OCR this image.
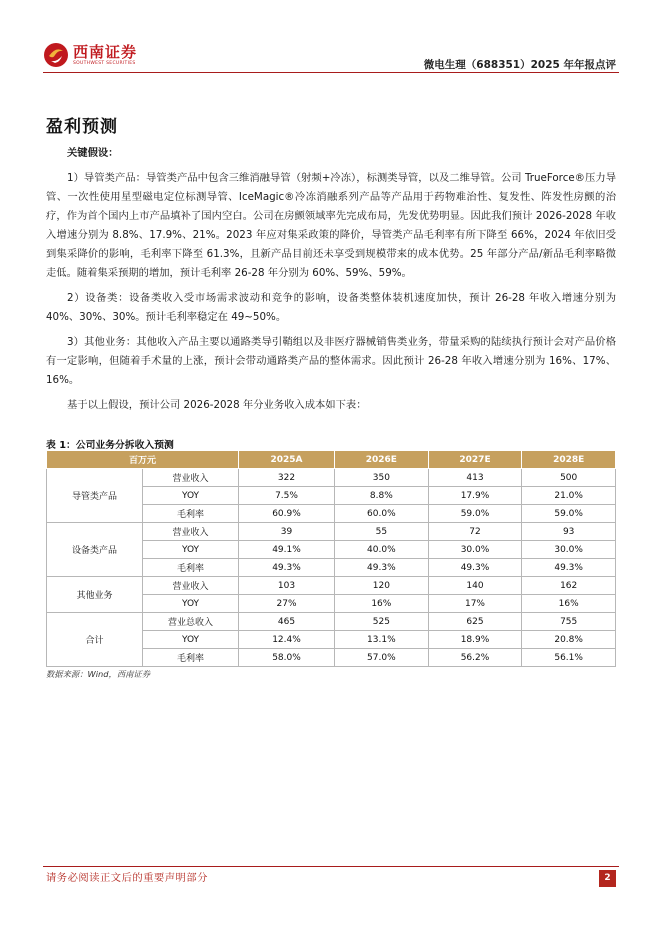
西南证券
SOUTHWEST SECURITIES	微电生理（688351）2025 年年报点评
盈利预测

关键假设：

1）导管类产品：导管类产品中包含三维消融导管（射频+冷冻），标测类导管，以及二维导管。公司 TrueForce®压力导管、一次性使用星型磁电定位标测导管、IceMagic®冷冻消融系列产品等产品用于药物难治性、复发性、阵发性房颤的治疗，作为首个国内上市产品填补了国内空白。公司在房颤领域率先完成布局，先发优势明显。因此我们预计 2026-2028 年收入增速分别为 8.8%、17.9%、21%。2023 年应对集采政策的降价，导管类产品毛利率有所下降至 66%，2024 年依旧受到集采降价的影响，毛利率下降至 61.3%，且新产品目前还未享受到规模带来的成本优势。25 年部分产品/新品毛利率略微走低。随着集采预期的增加，预计毛利率 26-28 年分别为 60%、59%、59%。

2）设备类：设备类收入受市场需求波动和竞争的影响，设备类整体装机速度加快，预计 26-28 年收入增速分别为 40%、30%、30%。预计毛利率稳定在 49~50%。

3）其他业务：其他收入产品主要以通路类导引鞘组以及非医疗器械销售类业务，带量采购的陆续执行预计会对产品价格有一定影响，但随着手术量的上涨，预计会带动通路类产品的整体需求。因此预计 26-28 年收入增速分别为 16%、17%、16%。

基于以上假设，预计公司 2026-2028 年分业务收入成本如下表：

表 1：公司业务分拆收入预测
百万元		2025A	2026E	2027E	2028E
导管类产品	营业收入	322	350	413	500
	YOY	7.5%	8.8%	17.9%	21.0%
	毛利率	60.9%	60.0%	59.0%	59.0%
设备类产品	营业收入	39	55	72	93
	YOY	49.1%	40.0%	30.0%	30.0%
	毛利率	49.3%	49.3%	49.3%	49.3%
其他业务	营业收入	103	120	140	162
	YOY	27%	16%	17%	16%
合计	营业总收入	465	525	625	755
	YOY	12.4%	13.1%	18.9%	20.8%
	毛利率	58.0%	57.0%	56.2%	56.1%
数据来源：Wind，西南证券
请务必阅读正文后的重要声明部分	2
